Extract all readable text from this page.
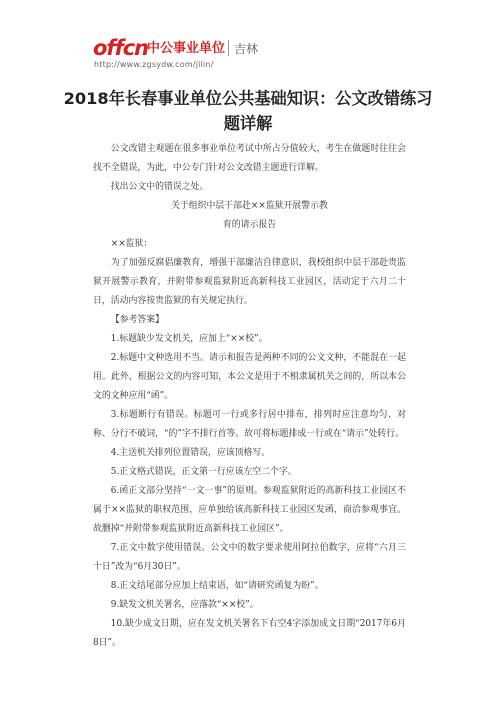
offcn
中公事业单位 吉林
http://www.zgsydw.com/jilin/
2018年长春事业单位公共基础知识：公文改错练习
题详解

公文改错主观题在很多事业单位考试中所占分值较大，考生在做题时往往会找不全错误，为此，中公专门针对公文改错主题进行详解。

找出公文中的错误之处。

关于组织中层干部赴××监狱开展警示教

育的请示报告

××监狱：

为了加强反腐倡廉教育，增强干部廉洁自律意识，我校组织中层干部赴贵监狱开展警示教育，并附带参观监狱附近高新科技工业园区，活动定于六月二十日，活动内容按贵监狱的有关规定执行。

【参考答案】

1.标题缺少发文机关，应加上“××校”。

2.标题中文种选用不当。请示和报告是两种不同的公文文种，不能混在一起用。此外，根据公文的内容可知，本公文是用于不相隶属机关之间的，所以本公文的文种应用“函”。

3.标题断行有错误。标题可一行或多行居中排布，排列时应注意均匀、对称、分行不破词，“的”字不排行首等。故可将标题排成一行或在“请示”处转行。

4.主送机关排列位置错误，应该顶格写。

5.正文格式错误，正文第一行应该左空二个字。

6.函正文部分坚持“一文一事”的原则。参观监狱附近的高新科技工业园区不属于××监狱的职权范围，应单独给该高新科技工业园区发函，商洽参观事宜。 故删掉“并附带参观监狱附近高新科技工业园区”。

7.正文中数字使用错误。公文中的数字要求使用阿拉伯数字，应将“六月三十日”改为“6月30日”。

8.正文结尾部分应加上结束语，如“请研究函复为盼”。

9.缺发文机关署名，应落款“××校”。

10.缺少成文日期，应在发文机关署名下右空4字添加成文日期“2017年6月8日”。
